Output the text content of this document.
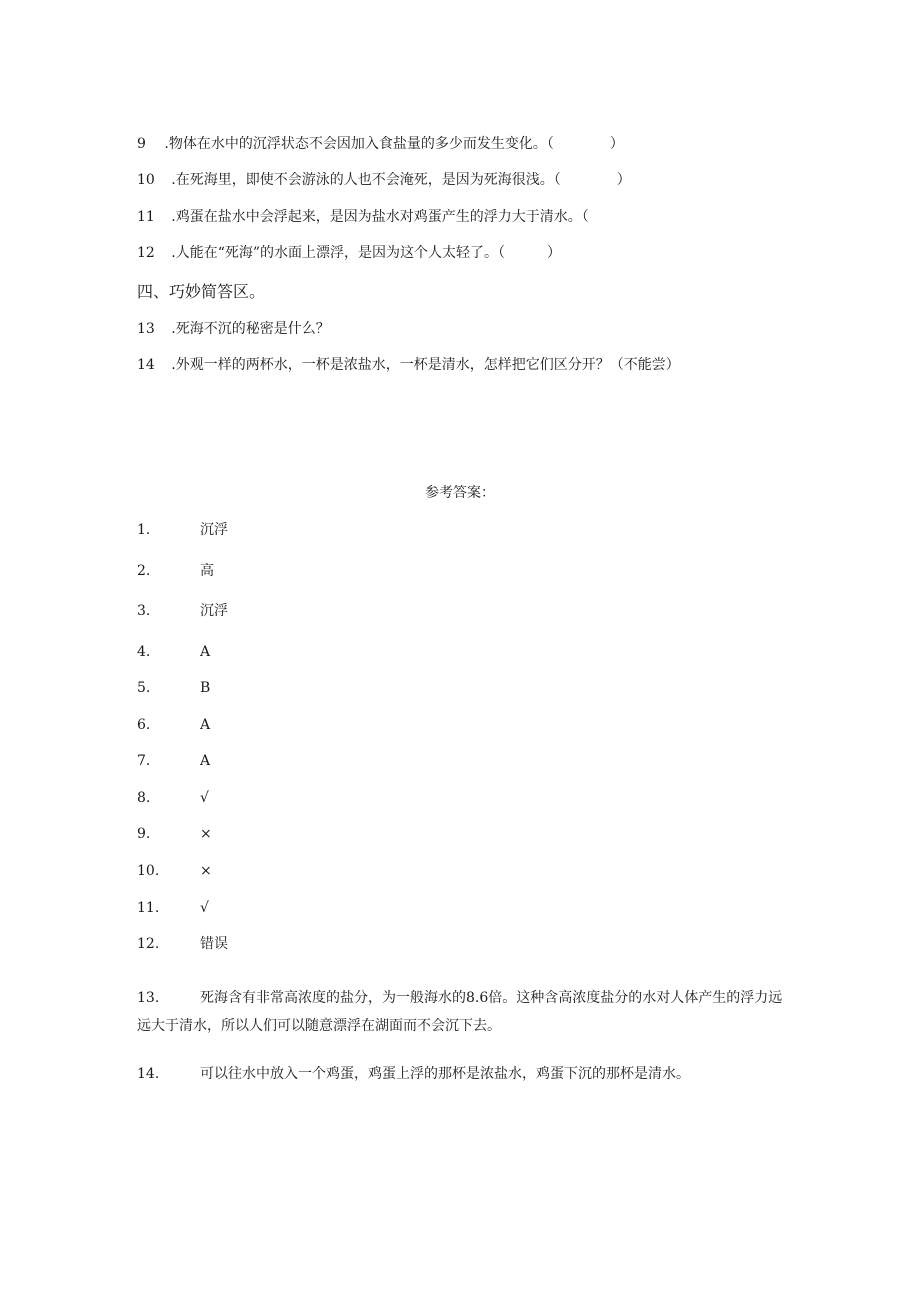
9 .物体在水中的沉浮状态不会因加入食盐量的多少而发生变化。（　　　　）
10 .在死海里，即使不会游泳的人也不会淹死，是因为死海很浅。（　　　　）
11 .鸡蛋在盐水中会浮起来，是因为盐水对鸡蛋产生的浮力大于清水。（
12 .人能在“死海”的水面上漂浮，是因为这个人太轻了。（　　　）
四、巧妙简答区。
13 .死海不沉的秘密是什么？
14 .外观一样的两杯水，一杯是浓盐水，一杯是清水，怎样把它们区分开？（不能尝）
参考答案：
1.	沉浮
2.	高
3.	沉浮
4.	A
5.	B
6.	A
7.	A
8.	√
9.	×
10.	×
11.	√
12.	错误
13.	死海含有非常高浓度的盐分，为一般海水的8.6倍。这种含高浓度盐分的水对人体产生的浮力远远大于清水，所以人们可以随意漂浮在湖面而不会沉下去。

14.	可以往水中放入一个鸡蛋，鸡蛋上浮的那杯是浓盐水，鸡蛋下沉的那杯是清水。
